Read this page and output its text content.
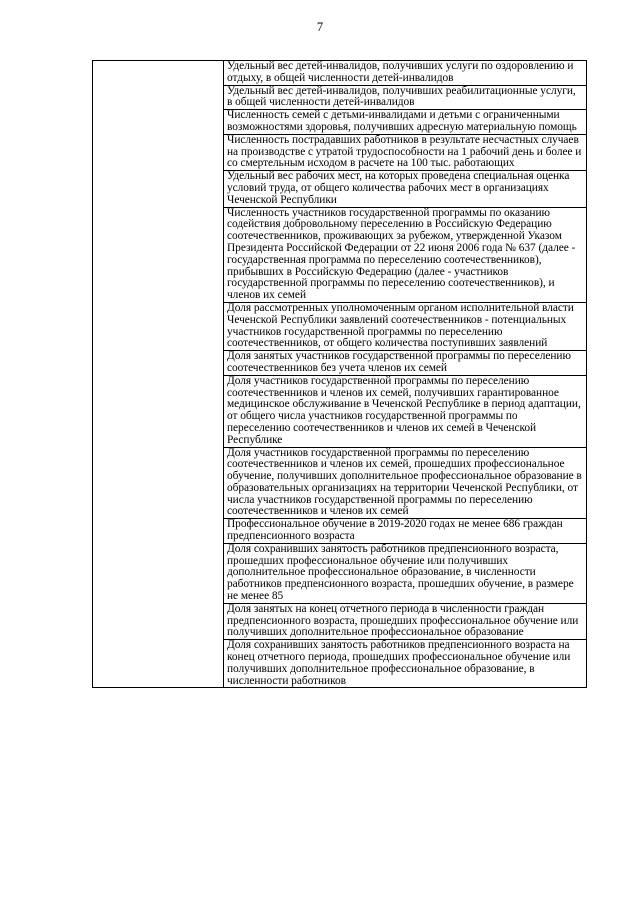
7
	Удельный вес детей-инвалидов, получивших услуги по оздоровлению и отдыху, в общей численности детей-инвалидов
Удельный вес детей-инвалидов, получивших реабилитационные услуги, в общей численности детей-инвалидов
Численность семей с детьми-инвалидами и детьми с ограниченными возможностями здоровья, получивших адресную материальную помощь
Численность пострадавших работников в результате несчастных случаев на производстве с утратой трудоспособности на 1 рабочий день и более и со смертельным исходом в расчете на 100 тыс. работающих
Удельный вес рабочих мест, на которых проведена специальная оценка условий труда, от общего количества рабочих мест в организациях Чеченской Республики
Численность участников государственной программы по оказанию содействия добровольному переселению в Российскую Федерацию соотечественников, проживающих за рубежом, утвержденной Указом Президента Российской Федерации от 22 июня 2006 года № 637 (далее - государственная программа по переселению соотечественников), прибывших в Российскую Федерацию (далее - участников государственной программы по переселению соотечественников), и членов их семей
Доля рассмотренных уполномоченным органом исполнительной власти Чеченской Республики заявлений соотечественников - потенциальных участников государственной программы по переселению соотечественников, от общего количества поступивших заявлений
Доля занятых участников государственной программы по переселению соотечественников без учета членов их семей
Доля участников государственной программы по переселению соотечественников и членов их семей, получивших гарантированное медицинское обслуживание в Чеченской Республике в период адаптации, от общего числа участников государственной программы по переселению соотечественников и членов их семей в Чеченской Республике
Доля участников государственной программы по переселению соотечественников и членов их семей, прошедших профессиональное обучение, получивших дополнительное профессиональное образование в образовательных организациях на территории Чеченской Республики, от числа участников государственной программы по переселению соотечественников и членов их семей
Профессиональное обучение в 2019-2020 годах не менее 686 граждан предпенсионного возраста
Доля сохранивших занятость работников предпенсионного возраста, прошедших профессиональное обучение или получивших дополнительное профессиональное образование, в численности работников предпенсионного возраста, прошедших обучение, в размере не менее 85
Доля занятых на конец отчетного периода в численности граждан предпенсионного возраста, прошедших профессиональное обучение или получивших дополнительное профессиональное образование
Доля сохранивших занятость работников предпенсионного возраста на конец отчетного периода, прошедших профессиональное обучение или получивших дополнительное профессиональное образование, в численности работников
